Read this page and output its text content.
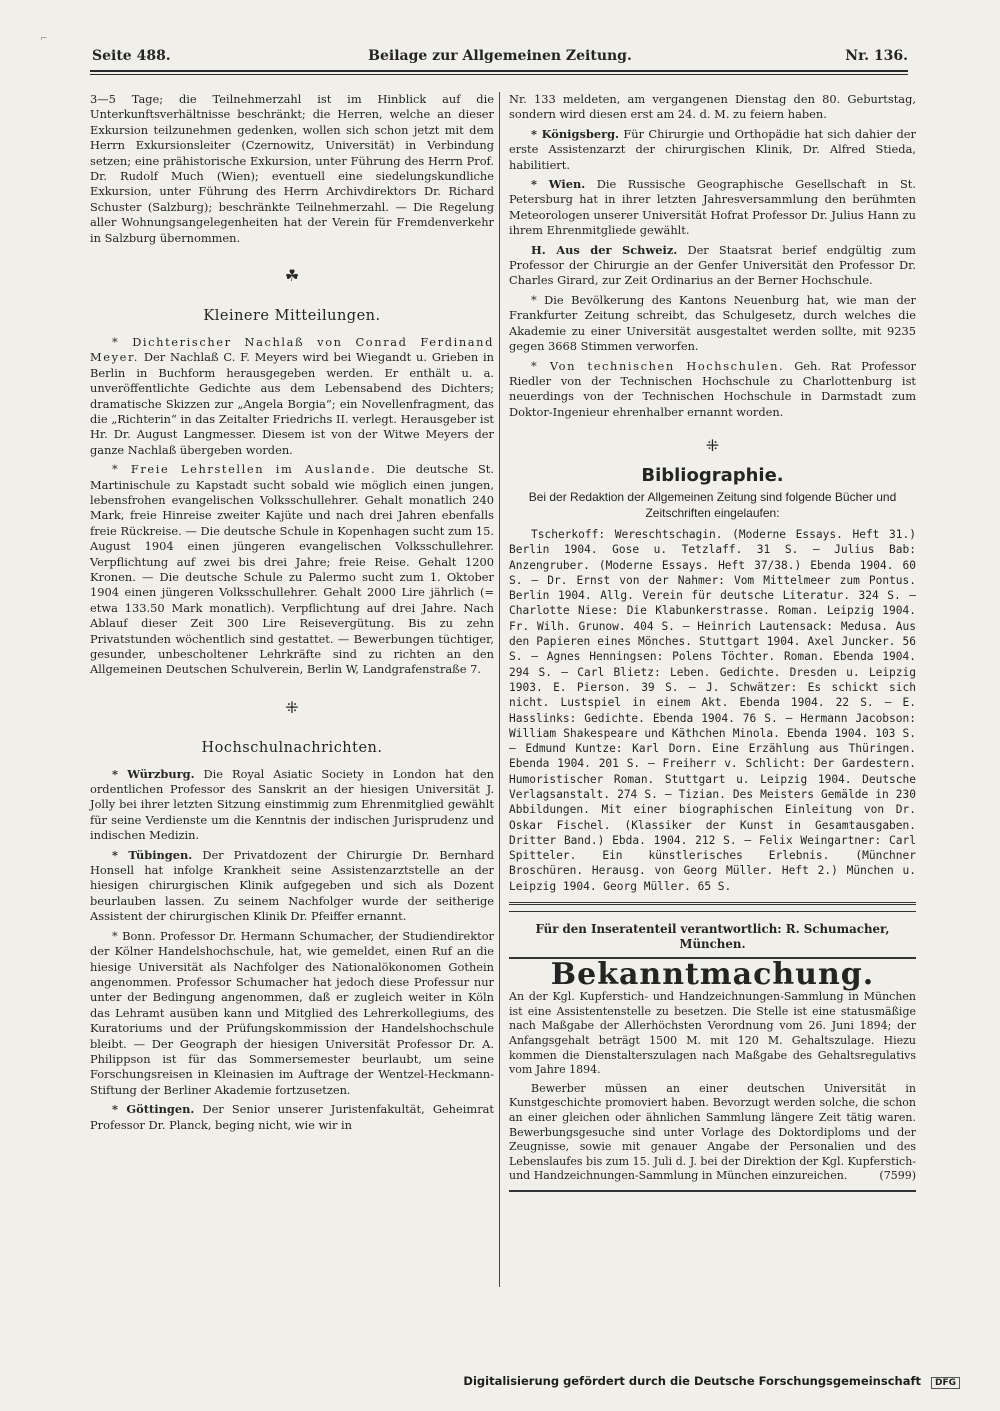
⌐
Seite 488.	Beilage zur Allgemeinen Zeitung.	Nr. 136.

3—5 Tage; die Teilnehmerzahl ist im Hinblick auf die Unterkunftsverhältnisse beschränkt; die Herren, welche an dieser Exkursion teilzunehmen gedenken, wollen sich schon jetzt mit dem Herrn Exkursionsleiter (Czernowitz, Universität) in Verbindung setzen; eine prähistorische Exkursion, unter Führung des Herrn Prof. Dr. Rudolf Much (Wien); eventuell eine siedelungskundliche Exkursion, unter Führung des Herrn Archivdirektors Dr. Richard Schuster (Salzburg); beschränkte Teilnehmerzahl. — Die Regelung aller Wohnungsangelegenheiten hat der Verein für Fremdenverkehr in Salzburg übernommen.

☘
Kleinere Mitteilungen.

* Dichterischer Nachlaß von Conrad Ferdinand Meyer. Der Nachlaß C. F. Meyers wird bei Wiegandt u. Grieben in Berlin in Buchform herausgegeben werden. Er enthält u. a. unveröffentlichte Gedichte aus dem Lebensabend des Dichters; dramatische Skizzen zur „Angela Borgia“; ein Novellenfragment, das die „Richterin“ in das Zeitalter Friedrichs II. verlegt. Herausgeber ist Hr. Dr. August Langmesser. Diesem ist von der Witwe Meyers der ganze Nachlaß übergeben worden.

* Freie Lehrstellen im Auslande. Die deutsche St. Martinischule zu Kapstadt sucht sobald wie möglich einen jungen, lebensfrohen evangelischen Volksschullehrer. Gehalt monatlich 240 Mark, freie Hinreise zweiter Kajüte und nach drei Jahren ebenfalls freie Rückreise. — Die deutsche Schule in Kopenhagen sucht zum 15. August 1904 einen jüngeren evangelischen Volksschullehrer. Verpflichtung auf zwei bis drei Jahre; freie Reise. Gehalt 1200 Kronen. — Die deutsche Schule zu Palermo sucht zum 1. Oktober 1904 einen jüngeren Volksschullehrer. Gehalt 2000 Lire jährlich (= etwa 133.50 Mark monatlich). Verpflichtung auf drei Jahre. Nach Ablauf dieser Zeit 300 Lire Reisevergütung. Bis zu zehn Privatstunden wöchentlich sind gestattet. — Bewerbungen tüchtiger, gesunder, unbescholtener Lehrkräfte sind zu richten an den Allgemeinen Deutschen Schulverein, Berlin W, Landgrafenstraße 7.

⁜
Hochschulnachrichten.

* Würzburg. Die Royal Asiatic Society in London hat den ordentlichen Professor des Sanskrit an der hiesigen Universität J. Jolly bei ihrer letzten Sitzung einstimmig zum Ehrenmitglied gewählt für seine Verdienste um die Kenntnis der indischen Jurisprudenz und indischen Medizin.

* Tübingen. Der Privatdozent der Chirurgie Dr. Bernhard Honsell hat infolge Krankheit seine Assistenzarztstelle an der hiesigen chirurgischen Klinik aufgegeben und sich als Dozent beurlauben lassen. Zu seinem Nachfolger wurde der seitherige Assistent der chirurgischen Klinik Dr. Pfeiffer ernannt.

* Bonn. Professor Dr. Hermann Schumacher, der Studiendirektor der Kölner Handelshochschule, hat, wie gemeldet, einen Ruf an die hiesige Universität als Nachfolger des Nationalökonomen Gothein angenommen. Professor Schumacher hat jedoch diese Professur nur unter der Bedingung angenommen, daß er zugleich weiter in Köln das Lehramt ausüben kann und Mitglied des Lehrerkollegiums, des Kuratoriums und der Prüfungskommission der Handelshochschule bleibt. — Der Geograph der hiesigen Universität Professor Dr. A. Philippson ist für das Sommersemester beurlaubt, um seine Forschungsreisen in Kleinasien im Auftrage der Wentzel-Heckmann-Stiftung der Berliner Akademie fortzusetzen.

* Göttingen. Der Senior unserer Juristenfakultät, Geheimrat Professor Dr. Planck, beging nicht, wie wir in

Nr. 133 meldeten, am vergangenen Dienstag den 80. Geburtstag, sondern wird diesen erst am 24. d. M. zu feiern haben.

* Königsberg. Für Chirurgie und Orthopädie hat sich dahier der erste Assistenzarzt der chirurgischen Klinik, Dr. Alfred Stieda, habilitiert.

* Wien. Die Russische Geographische Gesellschaft in St. Petersburg hat in ihrer letzten Jahresversammlung den berühmten Meteorologen unserer Universität Hofrat Professor Dr. Julius Hann zu ihrem Ehrenmitgliede gewählt.

H. Aus der Schweiz. Der Staatsrat berief endgültig zum Professor der Chirurgie an der Genfer Universität den Professor Dr. Charles Girard, zur Zeit Ordinarius an der Berner Hochschule.

* Die Bevölkerung des Kantons Neuenburg hat, wie man der Frankfurter Zeitung schreibt, das Schulgesetz, durch welches die Akademie zu einer Universität ausgestaltet werden sollte, mit 9235 gegen 3668 Stimmen verworfen.

* Von technischen Hochschulen. Geh. Rat Professor Riedler von der Technischen Hochschule zu Charlottenburg ist neuerdings von der Technischen Hochschule in Darmstadt zum Doktor-Ingenieur ehrenhalber ernannt worden.

⁜
Bibliographie.
Bei der Redaktion der Allgemeinen Zeitung sind folgende Bücher und Zeitschriften eingelaufen:

Tscherkoff: Wereschtschagin. (Moderne Essays. Heft 31.) Berlin 1904. Gose u. Tetzlaff. 31 S. — Julius Bab: Anzengruber. (Moderne Essays. Heft 37/38.) Ebenda 1904. 60 S. — Dr. Ernst von der Nahmer: Vom Mittelmeer zum Pontus. Berlin 1904. Allg. Verein für deutsche Literatur. 324 S. — Charlotte Niese: Die Klabunkerstrasse. Roman. Leipzig 1904. Fr. Wilh. Grunow. 404 S. — Heinrich Lautensack: Medusa. Aus den Papieren eines Mönches. Stuttgart 1904. Axel Juncker. 56 S. — Agnes Henningsen: Polens Töchter. Roman. Ebenda 1904. 294 S. — Carl Blietz: Leben. Gedichte. Dresden u. Leipzig 1903. E. Pierson. 39 S. — J. Schwätzer: Es schickt sich nicht. Lustspiel in einem Akt. Ebenda 1904. 22 S. — E. Hasslinks: Gedichte. Ebenda 1904. 76 S. — Hermann Jacobson: William Shakespeare und Käthchen Minola. Ebenda 1904. 103 S. — Edmund Kuntze: Karl Dorn. Eine Erzählung aus Thüringen. Ebenda 1904. 201 S. — Freiherr v. Schlicht: Der Gardestern. Humoristischer Roman. Stuttgart u. Leipzig 1904. Deutsche Verlagsanstalt. 274 S. — Tizian. Des Meisters Gemälde in 230 Abbildungen. Mit einer biographischen Einleitung von Dr. Oskar Fischel. (Klassiker der Kunst in Gesamtausgaben. Dritter Band.) Ebda. 1904. 212 S. — Felix Weingartner: Carl Spitteler. Ein künstlerisches Erlebnis. (Münchner Broschüren. Herausg. von Georg Müller. Heft 2.) München u. Leipzig 1904. Georg Müller. 65 S.

Für den Inseratenteil verantwortlich: R. Schumacher, München.
Bekanntmachung.

An der Kgl. Kupferstich- und Handzeichnungen-Sammlung in München ist eine Assistentenstelle zu besetzen. Die Stelle ist eine statusmäßige nach Maßgabe der Allerhöchsten Verordnung vom 26. Juni 1894; der Anfangsgehalt beträgt 1500 M. mit 120 M. Gehaltszulage. Hiezu kommen die Dienstalterszulagen nach Maßgabe des Gehaltsregulativs vom Jahre 1894.

Bewerber müssen an einer deutschen Universität in Kunstgeschichte promoviert haben. Bevorzugt werden solche, die schon an einer gleichen oder ähnlichen Sammlung längere Zeit tätig waren. Bewerbungsgesuche sind unter Vorlage des Doktordiploms und der Zeugnisse, sowie mit genauer Angabe der Personalien und des Lebenslaufes bis zum 15. Juli d. J. bei der Direktion der Kgl. Kupferstich- und Handzeichnungen-Sammlung in München einzureichen.	(7599)

Digitalisierung gefördert durch die Deutsche Forschungsgemeinschaft DFG
